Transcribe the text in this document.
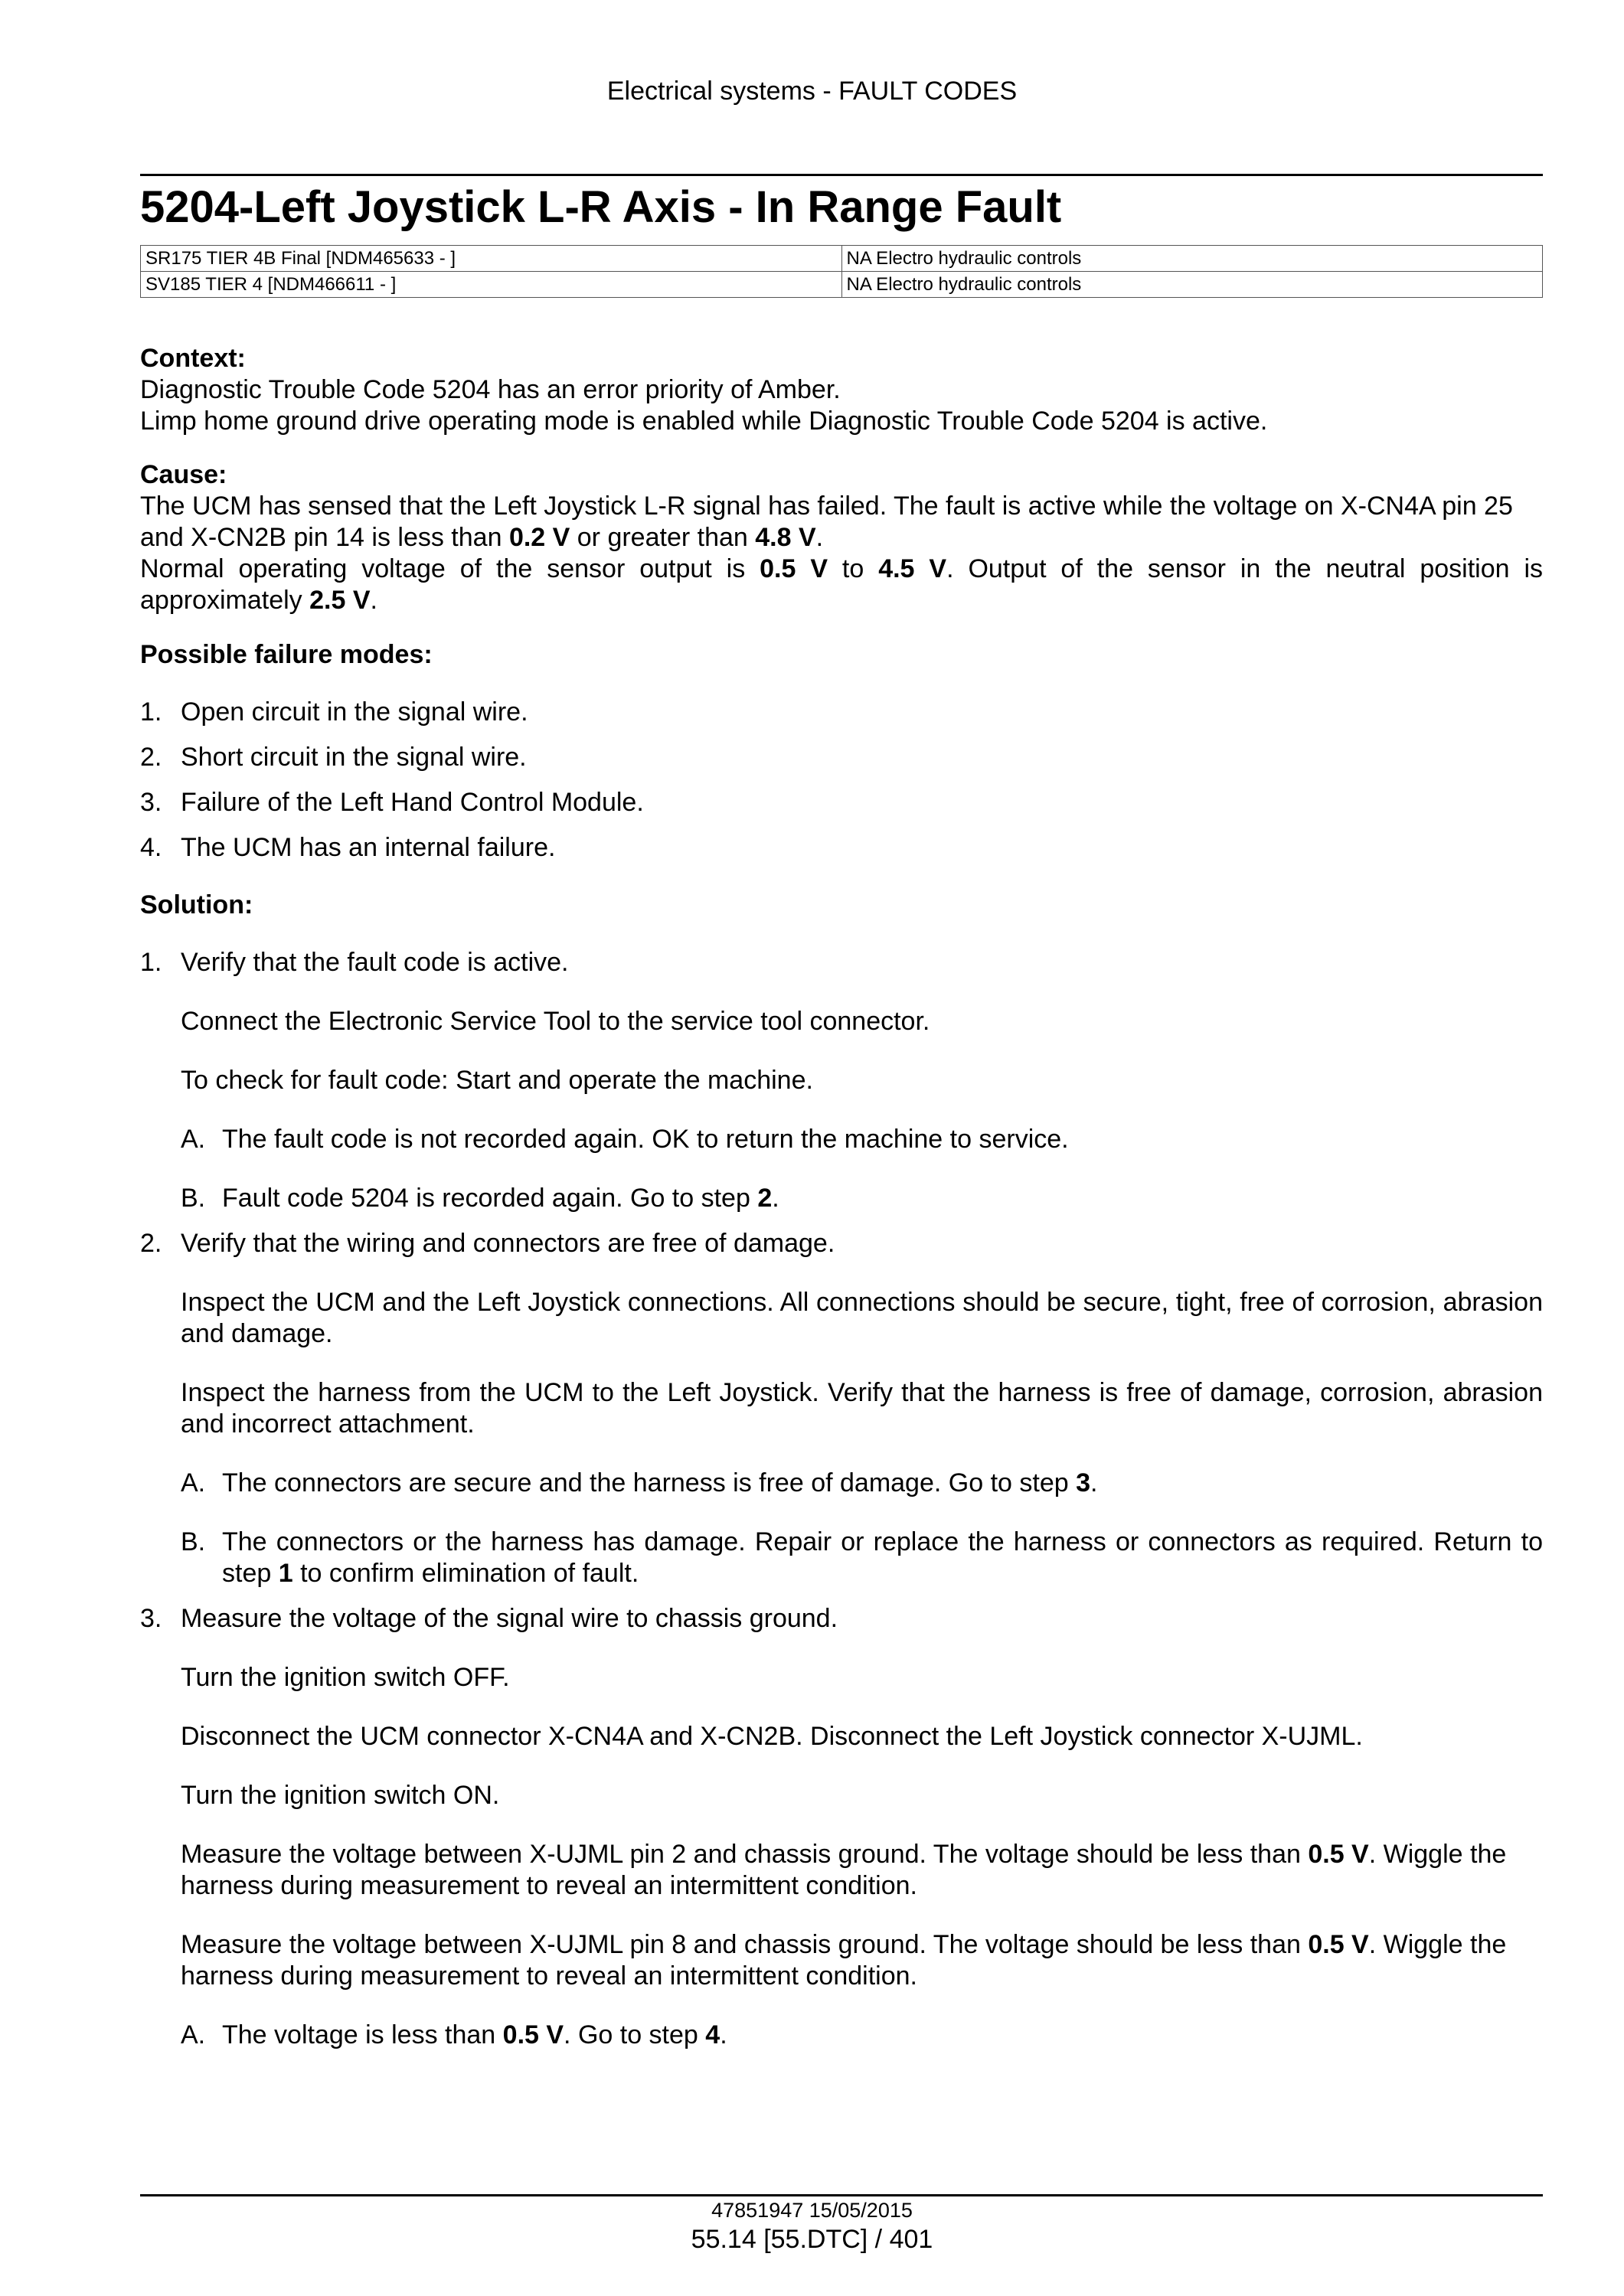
Electrical systems - FAULT CODES
5204-Left Joystick L-R Axis - In Range Fault
SR175 TIER 4B Final [NDM465633 - ]	NA Electro hydraulic controls
SV185 TIER 4 [NDM466611 - ]	NA Electro hydraulic controls

Context:

Diagnostic Trouble Code 5204 has an error priority of Amber.

Limp home ground drive operating mode is enabled while Diagnostic Trouble Code 5204 is active.

Cause:

The UCM has sensed that the Left Joystick L-R signal has failed. The fault is active while the voltage on X-CN4A pin 25 and X-CN2B pin 14 is less than 0.2 V or greater than 4.8 V.

Normal operating voltage of the sensor output is 0.5 V to 4.5 V. Output of the sensor in the neutral position is approximately 2.5 V.

Possible failure modes:

1. Open circuit in the signal wire.
2. Short circuit in the signal wire.
3. Failure of the Left Hand Control Module.
4. The UCM has an internal failure.

Solution:

1. Verify that the fault code is active.

Connect the Electronic Service Tool to the service tool connector.

To check for fault code: Start and operate the machine.

A. The fault code is not recorded again. OK to return the machine to service.
B. Fault code 5204 is recorded again. Go to step 2.
2. Verify that the wiring and connectors are free of damage.

Inspect the UCM and the Left Joystick connections. All connections should be secure, tight, free of corrosion, abrasion and damage.

Inspect the harness from the UCM to the Left Joystick. Verify that the harness is free of damage, corrosion, abrasion and incorrect attachment.

A. The connectors are secure and the harness is free of damage. Go to step 3.
B. The connectors or the harness has damage. Repair or replace the harness or connectors as required. Return to step 1 to confirm elimination of fault.
3. Measure the voltage of the signal wire to chassis ground.

Turn the ignition switch OFF.

Disconnect the UCM connector X-CN4A and X-CN2B. Disconnect the Left Joystick connector X-UJML.

Turn the ignition switch ON.

Measure the voltage between X-UJML pin 2 and chassis ground. The voltage should be less than 0.5 V. Wiggle the harness during measurement to reveal an intermittent condition.

Measure the voltage between X-UJML pin 8 and chassis ground. The voltage should be less than 0.5 V. Wiggle the harness during measurement to reveal an intermittent condition.

A. The voltage is less than 0.5 V. Go to step 4.
47851947 15/05/2015
55.14 [55.DTC] / 401
